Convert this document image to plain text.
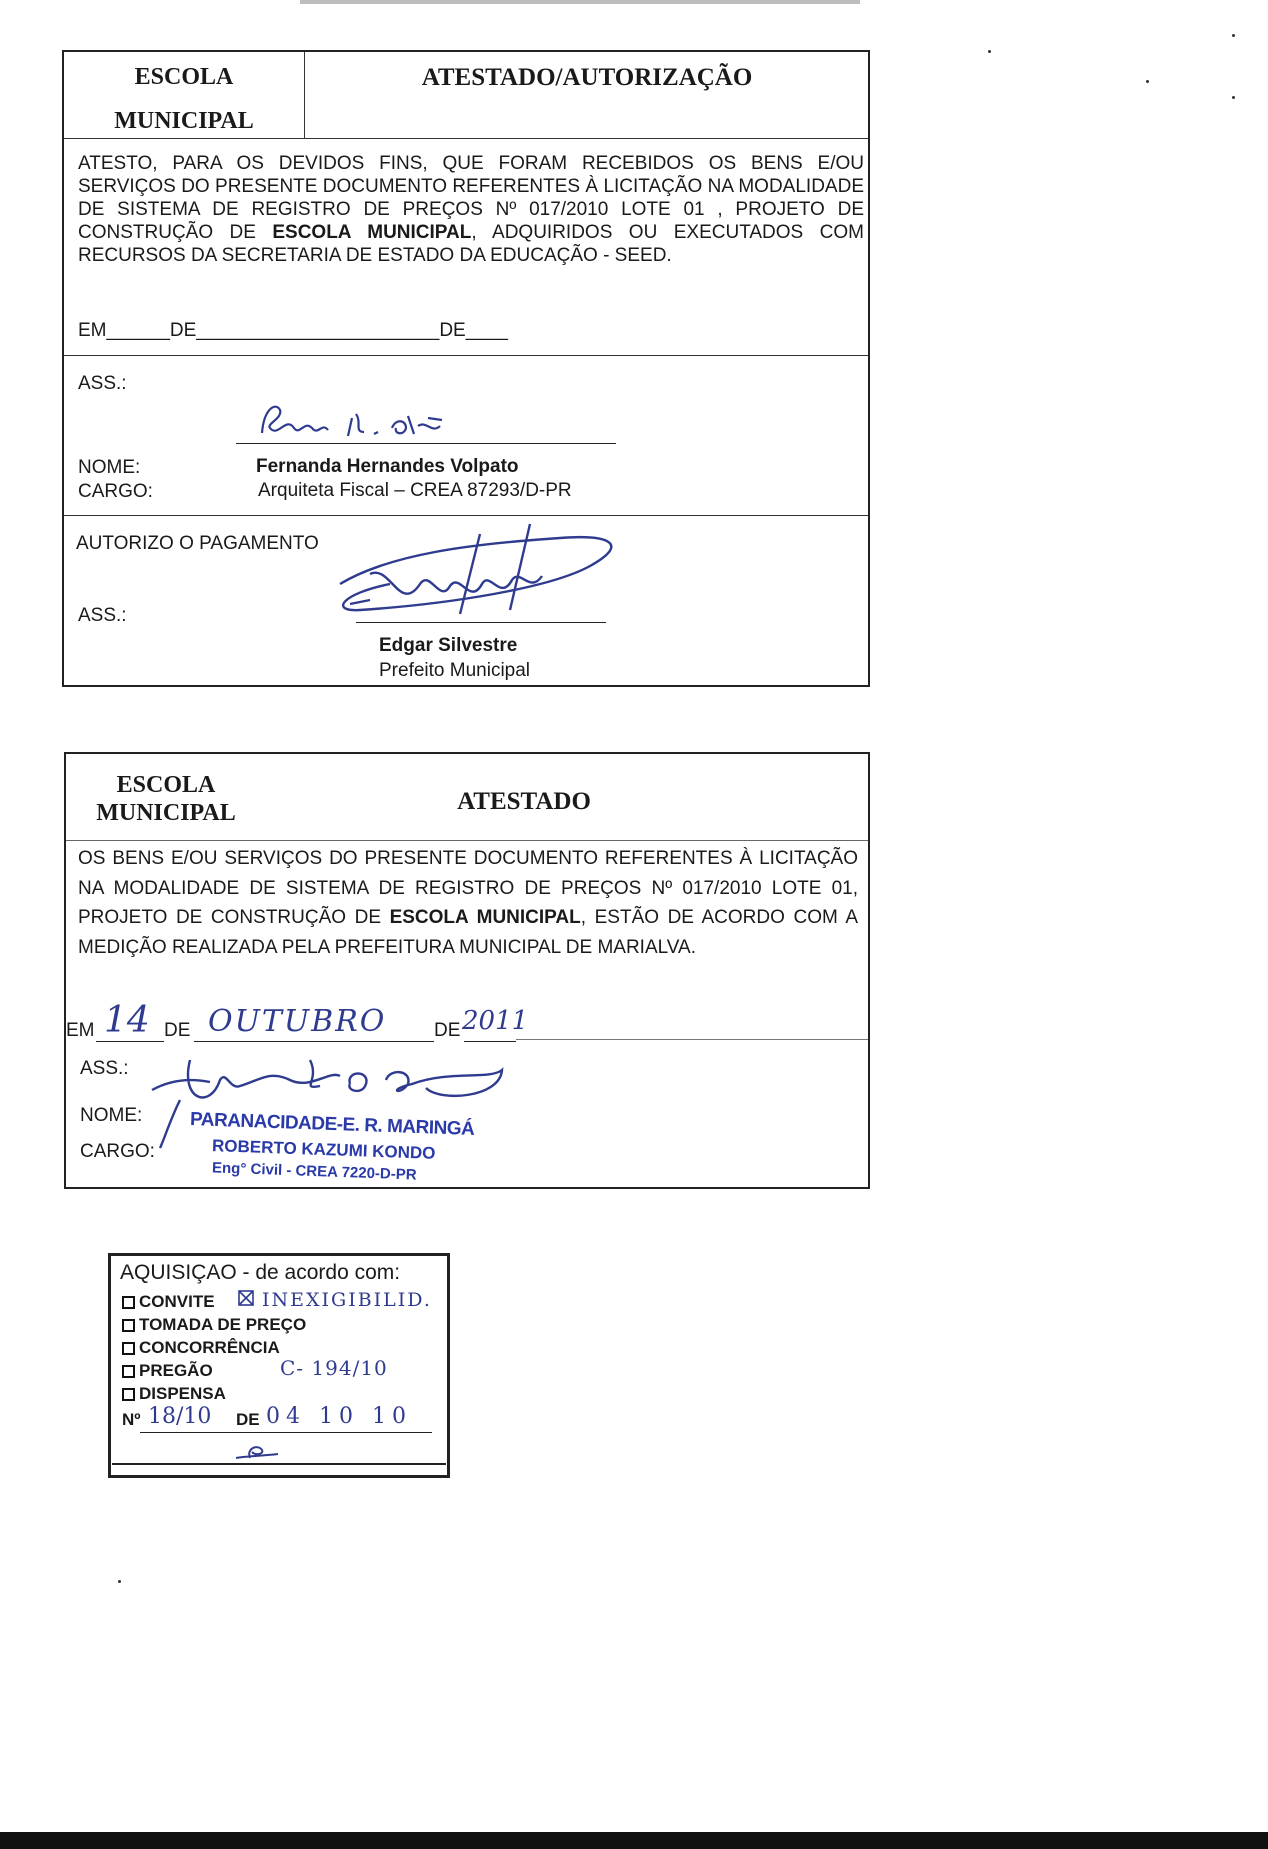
ESCOLA
MUNICIPAL
ATESTADO/AUTORIZAÇÃO
ATESTO, PARA OS DEVIDOS FINS, QUE FORAM RECEBIDOS OS BENS E/OU SERVIÇOS DO PRESENTE DOCUMENTO REFERENTES À LICITAÇÃO NA MODALIDADE DE SISTEMA DE REGISTRO DE PREÇOS Nº 017/2010 LOTE 01 , PROJETO DE CONSTRUÇÃO DE ESCOLA MUNICIPAL, ADQUIRIDOS OU EXECUTADOS COM RECURSOS DA SECRETARIA DE ESTADO DA EDUCAÇÃO - SEED.
EM______DE_______________________DE____
ASS.:
NOME:
CARGO:
Fernanda Hernandes Volpato
Arquiteta Fiscal – CREA 87293/D-PR
AUTORIZO O PAGAMENTO
ASS.:
Edgar Silvestre
Prefeito Municipal
ESCOLA
MUNICIPAL	ATESTADO
OS BENS E/OU SERVIÇOS DO PRESENTE DOCUMENTO REFERENTES À LICITAÇÃO NA MODALIDADE DE SISTEMA DE REGISTRO DE PREÇOS Nº 017/2010 LOTE 01, PROJETO DE CONSTRUÇÃO DE ESCOLA MUNICIPAL, ESTÃO DE ACORDO COM A MEDIÇÃO REALIZADA PELA PREFEITURA MUNICIPAL DE MARIALVA.
EM 14 DE OUTUBRO	DE 2011
ASS.:
NOME:
CARGO:
PARANACIDADE-E. R. MARINGÁ
ROBERTO KAZUMI KONDO
Eng° Civil - CREA 7220-D-PR
AQUISIÇAO - de acordo com:
CONVITE
TOMADA DE PREÇO
CONCORRÊNCIA
PREGÃO
DISPENSA
INEXIGIBILID.
C- 194/10
Nº 18/10 DE 04 10 10
